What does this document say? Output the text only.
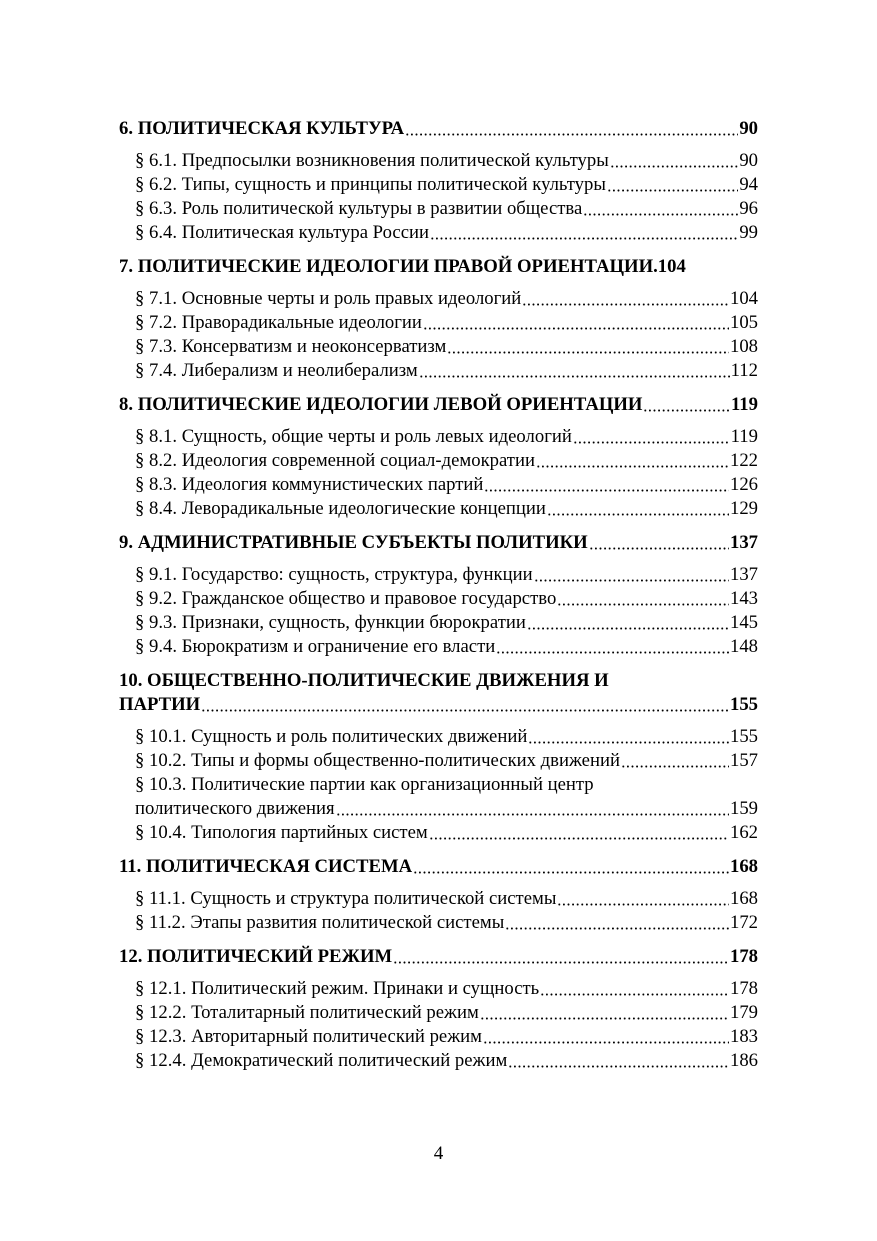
6. ПОЛИТИЧЕСКАЯ КУЛЬТУРА	90
§ 6.1. Предпосылки возникновения политической культуры	90
§ 6.2. Типы, сущность и принципы политической культуры	94
§ 6.3. Роль политической культуры в развитии общества	96
§ 6.4. Политическая культура России	99
7. ПОЛИТИЧЕСКИЕ ИДЕОЛОГИИ ПРАВОЙ ОРИЕНТАЦИИ. 104
§ 7.1. Основные черты и роль правых идеологий	104
§ 7.2. Праворадикальные идеологии	105
§ 7.3. Консерватизм и неоконсерватизм	108
§ 7.4. Либерализм и неолиберализм	112
8. ПОЛИТИЧЕСКИЕ ИДЕОЛОГИИ ЛЕВОЙ ОРИЕНТАЦИИ	119
§ 8.1. Сущность, общие черты и роль левых идеологий	119
§ 8.2. Идеология современной социал-демократии	122
§ 8.3. Идеология коммунистических партий	126
§ 8.4. Леворадикальные идеологические концепции	129
9. АДМИНИСТРАТИВНЫЕ СУБЪЕКТЫ ПОЛИТИКИ	137
§ 9.1. Государство: сущность, структура, функции	137
§ 9.2. Гражданское общество и правовое государство	143
§ 9.3. Признаки, сущность, функции бюрократии	145
§ 9.4. Бюрократизм и ограничение его власти	148
10. ОБЩЕСТВЕННО-ПОЛИТИЧЕСКИЕ ДВИЖЕНИЯ И
ПАРТИИ	155
§ 10.1. Сущность и роль политических движений	155
§ 10.2. Типы и формы общественно-политических движений	157
§ 10.3. Политические партии как организационный центр
политического движения	159
§ 10.4. Типология партийных систем	162
11. ПОЛИТИЧЕСКАЯ СИСТЕМА	168
§ 11.1. Сущность и структура политической системы	168
§ 11.2. Этапы развития политической системы	172
12. ПОЛИТИЧЕСКИЙ РЕЖИМ	178
§ 12.1. Политический режим. Принаки и сущность	178
§ 12.2. Тоталитарный политический режим	179
§ 12.3. Авторитарный политический режим	183
§ 12.4. Демократический политический режим	186
4
